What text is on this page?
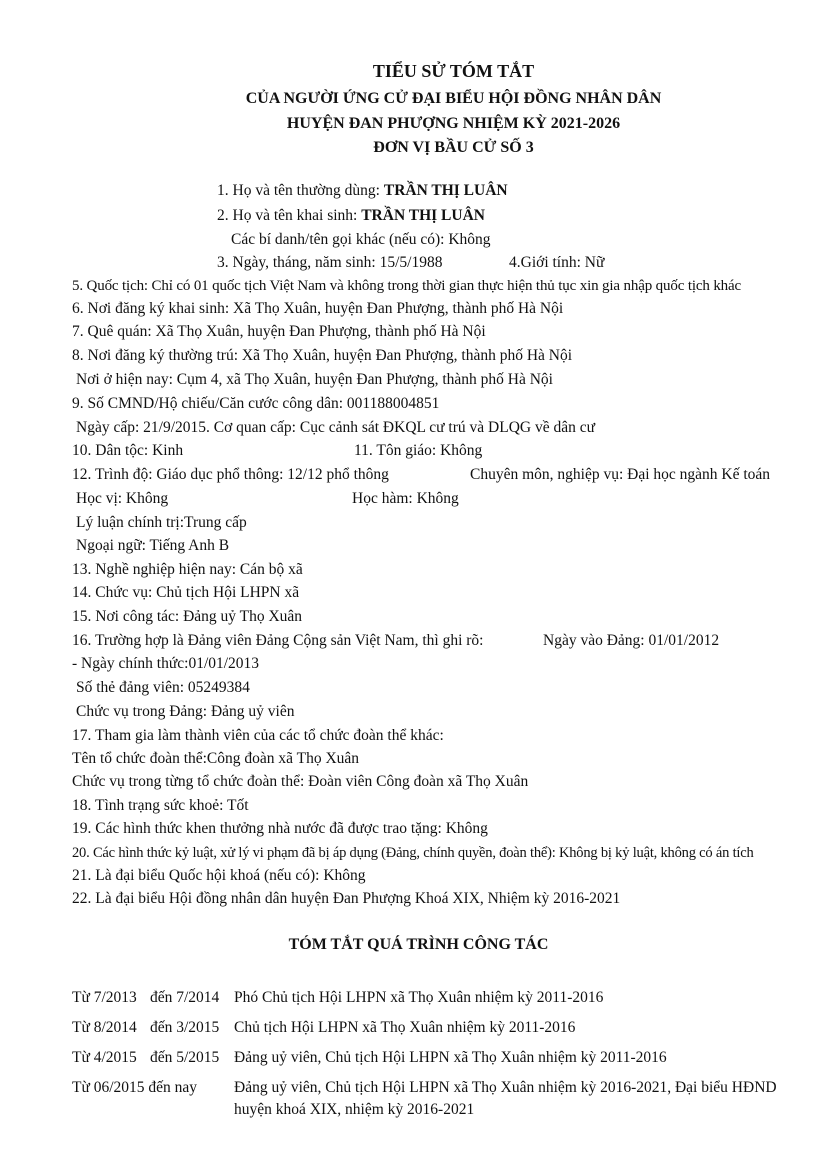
TIỂU SỬ TÓM TẮT
CỦA NGƯỜI ỨNG CỬ ĐẠI BIỂU HỘI ĐỒNG NHÂN DÂN
HUYỆN ĐAN PHƯỢNG NHIỆM KỲ 2021-2026
ĐƠN VỊ BẦU CỬ SỐ 3
1. Họ và tên thường dùng: TRẦN THỊ LUÂN
2. Họ và tên khai sinh: TRẦN THỊ LUÂN
Các bí danh/tên gọi khác (nếu có): Không
3. Ngày, tháng, năm sinh: 15/5/1988	4.Giới tính: Nữ
5. Quốc tịch: Chỉ có 01 quốc tịch Việt Nam và không trong thời gian thực hiện thủ tục xin gia nhập quốc tịch khác
6. Nơi đăng ký khai sinh: Xã Thọ Xuân, huyện Đan Phượng, thành phố Hà Nội
7. Quê quán: Xã Thọ Xuân, huyện Đan Phượng, thành phố Hà Nội
8. Nơi đăng ký thường trú: Xã Thọ Xuân, huyện Đan Phượng, thành phố Hà Nội
Nơi ở hiện nay: Cụm 4, xã Thọ Xuân, huyện Đan Phượng, thành phố Hà Nội
9. Số CMND/Hộ chiếu/Căn cước công dân: 001188004851
Ngày cấp: 21/9/2015. Cơ quan cấp: Cục cảnh sát ĐKQL cư trú và DLQG về dân cư
10. Dân tộc: Kinh	11. Tôn giáo: Không
12. Trình độ: Giáo dục phổ thông: 12/12 phổ thông	Chuyên môn, nghiệp vụ: Đại học ngành Kế toán
Học vị: Không	Học hàm: Không
Lý luận chính trị:Trung cấp
Ngoại ngữ: Tiếng Anh B
13. Nghề nghiệp hiện nay: Cán bộ xã
14. Chức vụ: Chủ tịch Hội LHPN xã
15. Nơi công tác: Đảng uỷ Thọ Xuân
16. Trường hợp là Đảng viên Đảng Cộng sản Việt Nam, thì ghi rõ:	Ngày vào Đảng: 01/01/2012
- Ngày chính thức:01/01/2013
Số thẻ đảng viên: 05249384
Chức vụ trong Đảng: Đảng uỷ viên
17. Tham gia làm thành viên của các tổ chức đoàn thể khác:
Tên tổ chức đoàn thể:Công đoàn xã Thọ Xuân
Chức vụ trong từng tổ chức đoàn thể: Đoàn viên Công đoàn xã Thọ Xuân
18. Tình trạng sức khoẻ: Tốt
19. Các hình thức khen thưởng nhà nước đã được trao tặng: Không
20. Các hình thức kỷ luật, xử lý vi phạm đã bị áp dụng (Đảng, chính quyền, đoàn thể): Không bị kỷ luật, không có án tích
21. Là đại biểu Quốc hội khoá (nếu có): Không
22. Là đại biểu Hội đồng nhân dân huyện Đan Phượng Khoá XIX, Nhiệm kỳ 2016-2021
TÓM TẮT QUÁ TRÌNH CÔNG TÁC
Từ 7/2013 đến 7/2014 Phó Chủ tịch Hội LHPN xã Thọ Xuân nhiệm kỳ 2011-2016
Từ 8/2014 đến 3/2015 Chủ tịch Hội LHPN xã Thọ Xuân nhiệm kỳ 2011-2016
Từ 4/2015 đến 5/2015 Đảng uỷ viên, Chủ tịch Hội LHPN xã Thọ Xuân nhiệm kỳ 2011-2016
Từ 06/2015 đến nay Đảng uỷ viên, Chủ tịch Hội LHPN xã Thọ Xuân nhiệm kỳ 2016-2021, Đại biểu HĐND huyện khoá XIX, nhiệm kỳ 2016-2021
